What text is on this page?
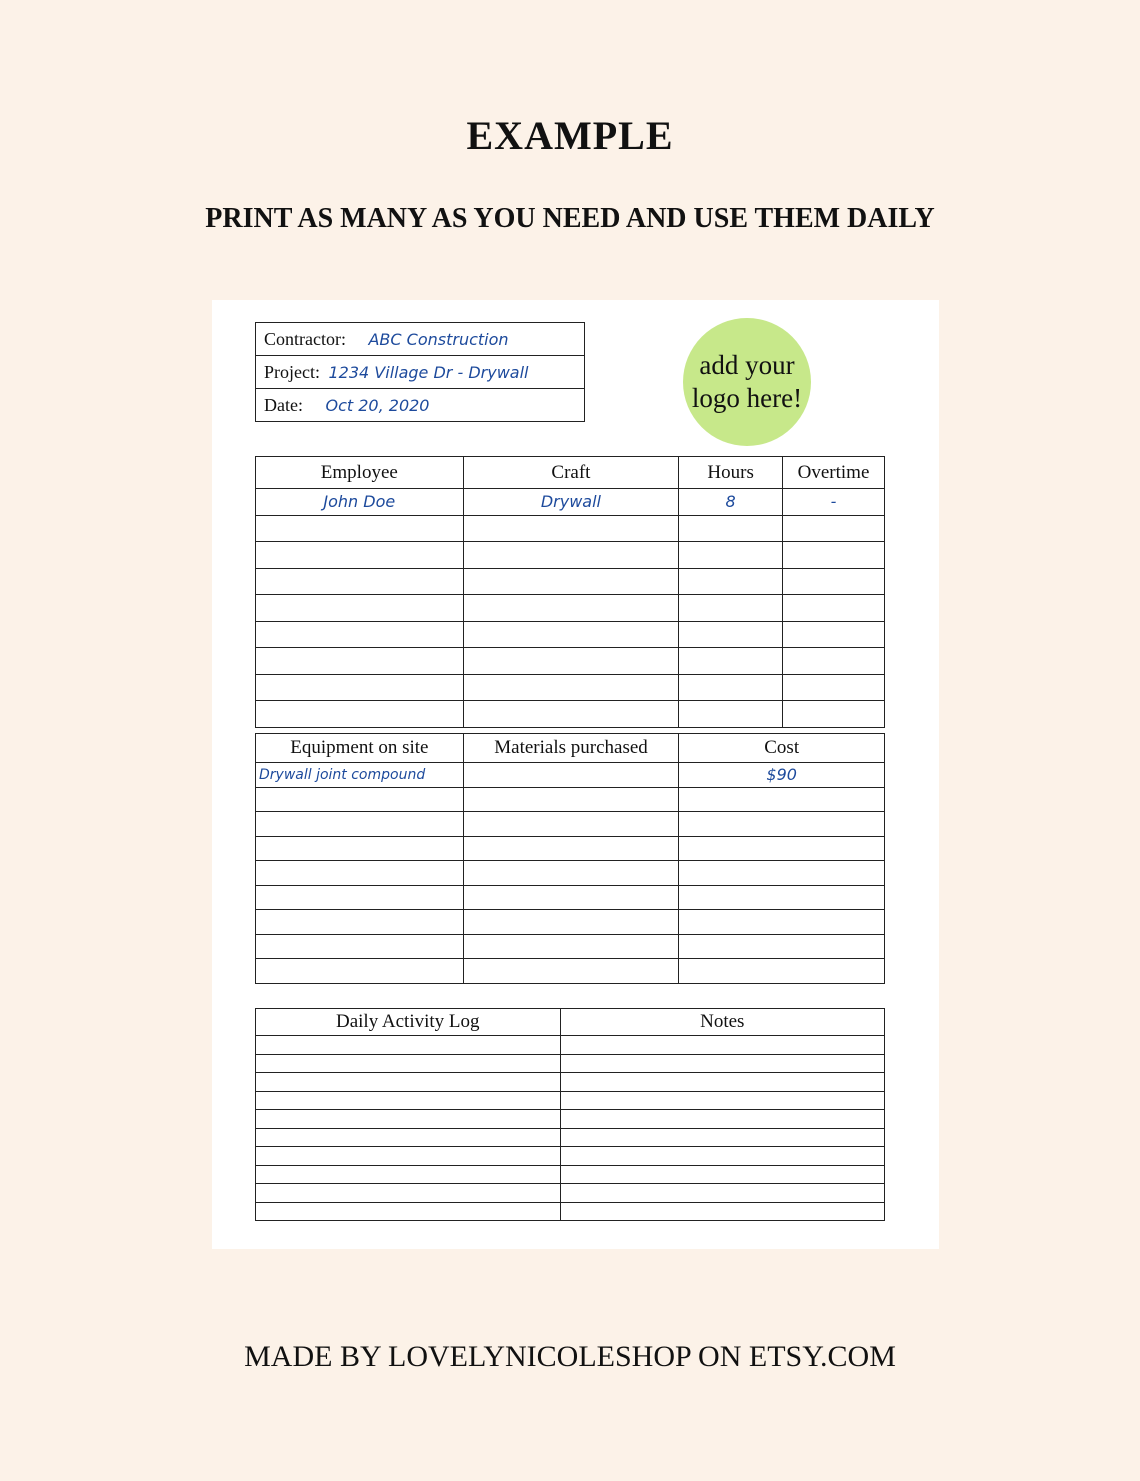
EXAMPLE
PRINT AS MANY AS YOU NEED AND USE THEM DAILY
Contractor: ABC Construction
Project: 1234 Village Dr - Drywall
Date: Oct 20, 2020
add your
logo here!
Employee	Craft	Hours	Overtime
John Doe	Drywall	8	-

Equipment on site	Materials purchased	Cost
Drywall joint compound		$90

Daily Activity Log	Notes

MADE BY LOVELYNICOLESHOP ON ETSY.COM
